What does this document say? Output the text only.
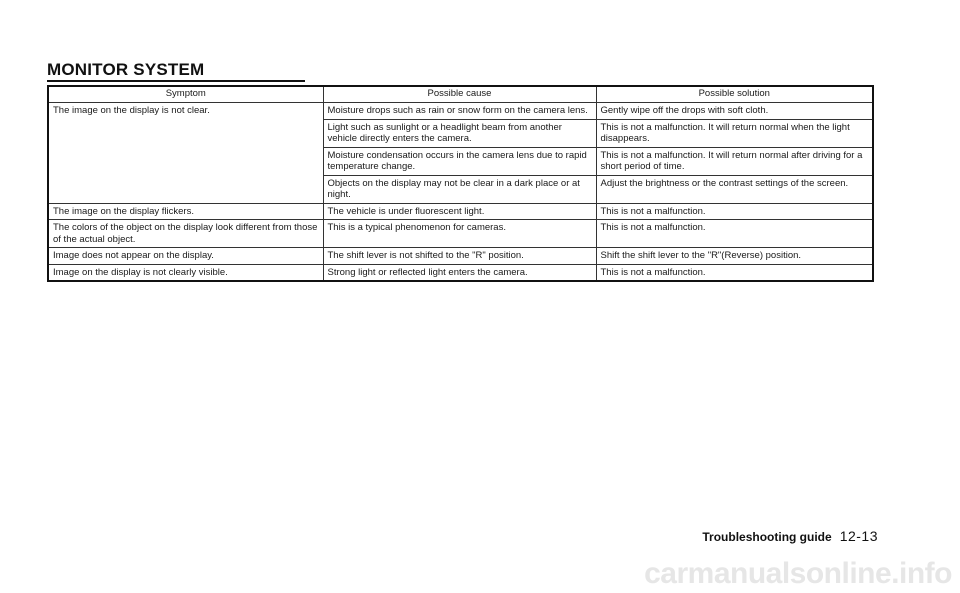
MONITOR SYSTEM
Symptom	Possible cause	Possible solution
The image on the display is not clear.	Moisture drops such as rain or snow form on the camera lens.	Gently wipe off the drops with soft cloth.
	Light such as sunlight or a headlight beam from another vehicle directly enters the camera.	This is not a malfunction. It will return normal when the light disappears.
	Moisture condensation occurs in the camera lens due to rapid temperature change.	This is not a malfunction. It will return normal after driving for a short period of time.
	Objects on the display may not be clear in a dark place or at night.	Adjust the brightness or the contrast settings of the screen.
The image on the display flickers.	The vehicle is under fluorescent light.	This is not a malfunction.
The colors of the object on the display look different from those of the actual object.	This is a typical phenomenon for cameras.	This is not a malfunction.
Image does not appear on the display.	The shift lever is not shifted to the "R" position.	Shift the shift lever to the "R"(Reverse) position.
Image on the display is not clearly visible.	Strong light or reflected light enters the camera.	This is not a malfunction.
Troubleshooting guide 12-13
carmanualsonline.info
